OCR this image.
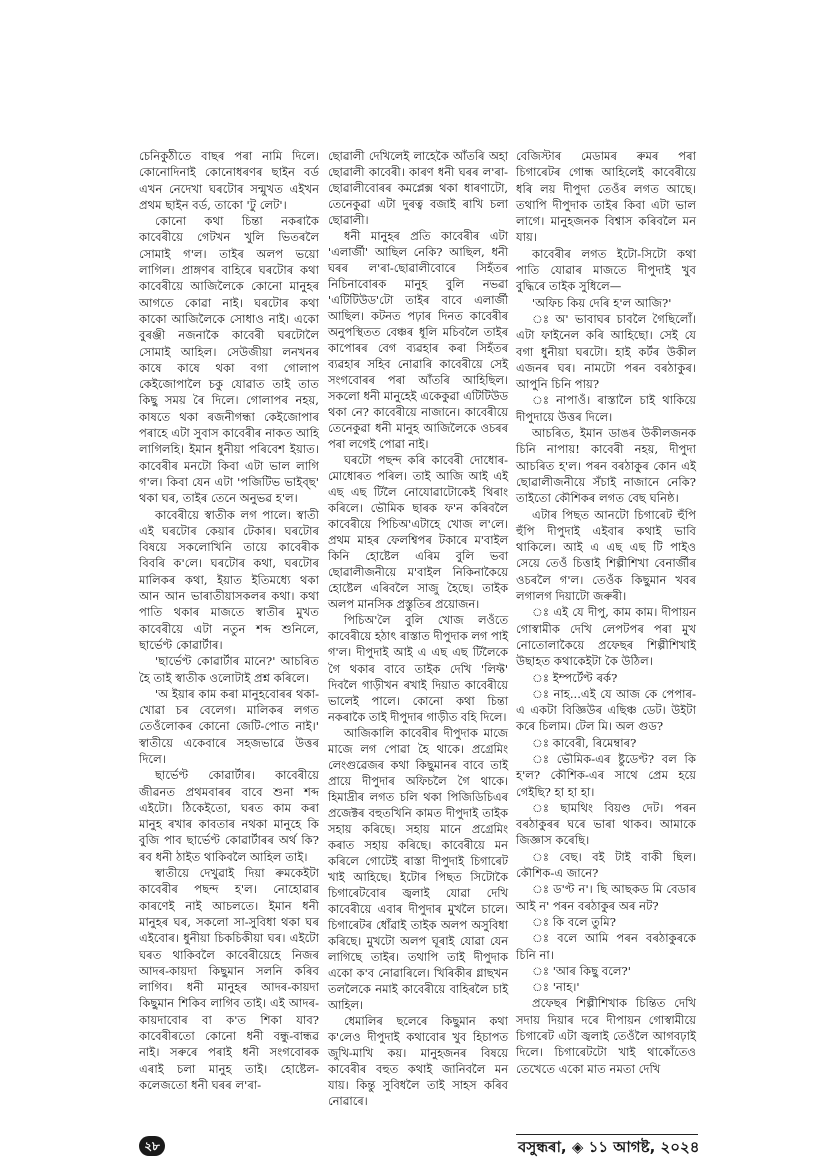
চেনিকুঠীতে বাছৰ পৰা নামি দিলে। কোনোদিনাই কোনোধৰণৰ ছাইন বৰ্ড এখন নেদেখা ঘৰটোৰ সন্মুখত এইখন প্ৰথম ছাইন বৰ্ড, তাকো 'টু লেট'।

কোনো কথা চিন্তা নকৰাকৈ কাবেৰীয়ে গেটখন খুলি ভিতৰলৈ সোমাই গ'ল। তাইৰ অলপ ভয়ো লাগিল। প্ৰাঙ্গণৰ বাহিৰে ঘৰটোৰ কথা কাবেৰীয়ে আজিলৈকে কোনো মানুহৰ আগতে কোৱা নাই। ঘৰটোৰ কথা কাকো আজিলৈকে সোধাও নাই। একো বুৰঞ্জী নজনাকৈ কাবেৰী ঘৰটোলৈ সোমাই আহিল। সেউজীয়া লনখনৰ কাষে কাষে থকা বগা গোলাপ কেইজোপালৈ চকু যোৱাত তাই তাত কিছু সময় ৰৈ দিলে। গোলাপৰ নহয়, কাষতে থকা ৰজনীগন্ধা কেইজোপাৰ পৰাহে এটা সুবাস কাবেৰীৰ নাকত আহি লাগিলহি। ইমান ধুনীয়া পৰিবেশ ইয়াত। কাবেৰীৰ মনটো কিবা এটা ভাল লাগি গ'ল। কিবা যেন এটা 'পজিটিভ ভাইব্ছ' থকা ঘৰ, তাইৰ তেনে অনুভৱ হ'ল।

কাবেৰীয়ে স্বাতীক লগ পালে। স্বাতী এই ঘৰটোৰ কেয়াৰ টেকাৰ। ঘৰটোৰ বিষয়ে সকলোখিনি তায়ে কাবেৰীক বিবৰি ক'লে। ঘৰটোৰ কথা, ঘৰটোৰ মালিকৰ কথা, ইয়াত ইতিমধ্যে থকা আন আন ভাৰাতীয়াসকলৰ কথা। কথা পাতি থকাৰ মাজতে স্বাতীৰ মুখত কাবেৰীয়ে এটা নতুন শব্দ শুনিলে, ছাৰ্ভেণ্ট কোৱাৰ্টাৰ।

'ছাৰ্ভেণ্ট কোৱাৰ্টাৰ মানে?' আচৰিত হৈ তাই স্বাতীক ওলোটাই প্ৰশ্ন কৰিলে।

'অ ইয়াৰ কাম কৰা মানুহবোৰৰ থকা-খোৱা চৰ বেলেগ। মালিকৰ লগত তেওঁলোকৰ কোনো জেটি-পোত নাই।' স্বাতীয়ে একেবাৰে সহজভাৱে উত্তৰ দিলে।

ছাৰ্ভেণ্ট কোৱাৰ্টাৰ। কাবেৰীয়ে জীৱনত প্ৰথমবাৰৰ বাবে শুনা শব্দ এইটো। ঠিকেইতো, ঘৰত কাম কৰা মানুহ ৰখাৰ কাবতাৰ নথকা মানুহে কি বুজি পাব ছাৰ্ভেণ্ট কোৱাৰ্টাৰৰ অৰ্থ কি? ৰব ধনী ঠাইত থাকিবলৈ আহিল তাই।

স্বাতীয়ে দেখুৱাই দিয়া ৰুমকেইটা কাবেৰীৰ পছন্দ হ'ল। নোহোৱাৰ কাৰণেই নাই আচলতে। ইমান ধনী মানুহৰ ঘৰ, সকলো সা-সুবিধা থকা ঘৰ এইবোৰ। ধুনীয়া চিকচিকীয়া ঘৰ। এইটো ঘৰত থাকিবলৈ কাবেৰীয়েহে নিজৰ আদৰ-কায়দা কিছুমান সলনি কৰিব লাগিব। ধনী মানুহৰ আদৰ-কায়দা কিছুমান শিকিব লাগিব তাই। এই আদৰ-কায়দাবোৰ বা ক'ত শিকা যাব? কাবেৰীৰতো কোনো ধনী বন্ধু-বান্ধৱ নাই। সৰুৰে পৰাই ধনী সংগবোৰক এৰাই চলা মানুহ তাই। হোষ্টেল-কলেজতো ধনী ঘৰৰ ল'ৰা-

ছোৱালী দেখিলেই লাহেকৈ আঁতৰি অহা ছোৱালী কাবেৰী। কাৰণ ধনী ঘৰৰ ল'ৰা-ছোৱালীবোৰৰ কমপ্লেক্স থকা ধাৰণাটো, তেনেকুৱা এটা দুৰত্ব বজাই ৰাখি চলা ছোৱালী।

ধনী মানুহৰ প্ৰতি কাবেৰীৰ এটা 'এলাৰ্জী' আছিল নেকি? আছিল, ধনী ঘৰৰ ল'ৰা-ছোৱালীবোৰে সিহঁতৰ নিচিনাবোৰক মানুহ বুলি নভৱা 'এটিটিউড'টো তাইৰ বাবে এলাৰ্জী আছিল। কটনত পঢ়াৰ দিনত কাবেৰীৰ অনুপস্থিতত বেঞ্চৰ ধূলি মচিবলৈ তাইৰ কাপোৰৰ বেগ ব্যৱহাৰ কৰা সিহঁতৰ ব্যৱহাৰ সহিব নোৱাৰি কাবেৰীয়ে সেই সংগবোৰৰ পৰা আঁতৰি আহিছিল। সকলো ধনী মানুহেই একেকুৱা এটিটিউড থকা নে? কাবেৰীয়ে নাজানে। কাবেৰীয়ে তেনেকুৱা ধনী মানুহ আজিলৈকে ওচৰৰ পৰা লগেই পোৱা নাই।

ঘৰটো পছন্দ কৰি কাবেৰী দোধোৰ-মোধোৰত পৰিল। তাই আজি আই এই এছ এছ টিলৈ নোযোৱাটোকেই থিৰাং কৰিলে। ভৌমিক ছাৰক ফ'ন কৰিবলৈ কাবেৰীয়ে পিচিঅ'এটাহে খোজ ল'লে। প্ৰথম মাহৰ ফেলশ্বিপৰ টকাৰে ম'বাইল কিনি হোষ্টেল এৰিম বুলি ভবা ছোৱালীজনীয়ে ম'বাইল নিকিনাকৈয়ে হোষ্টেল এৰিবলৈ সাজু হৈছে। তাইক অলপ মানসিক প্ৰস্তুতিৰ প্ৰয়োজন।

পিচিঅ'লৈ বুলি খোজ লওঁতে কাবেৰীয়ে হঠাৎ ৰাস্তাত দীপুদাক লগ পাই গ'ল। দীপুদাই আই এ এছ এছ টিলৈকে গৈ থকাৰ বাবে তাইক দেখি 'লিফ্ট' দিবলৈ গাড়ীখন ৰখাই দিয়াত কাবেৰীয়ে ভালেই পালে। কোনো কথা চিন্তা নকৰাকৈ তাই দীপুদাৰ গাড়ীত বহি দিলে।

আজিকালি কাবেৰীৰ দীপুদাক মাজে মাজে লগ পোৱা হৈ থাকে। প্ৰগ্ৰেমিং লেংগুৱেজৰ কথা কিছুমানৰ বাবে তাই প্ৰায়ে দীপুদাৰ অফিচলৈ গৈ থাকে। হিমাদ্ৰীৰ লগত চলি থকা পিজিডিচিএৰ প্ৰজেক্টৰ বহুতখিনি কামত দীপুদাই তাইক সহায় কৰিছে। সহায় মানে প্ৰগ্ৰেমিং কৰাত সহায় কৰিছে। কাবেৰীয়ে মন কৰিলে গোটেই ৰাস্তা দীপুদাই চিগাৰেট খাই আহিছে। ইটোৰ পিছত সিটোকৈ চিগাৰেটবোৰ জ্বলাই যোৱা দেখি কাবেৰীয়ে এবাৰ দীপুদাৰ মুখলৈ চালে। চিগাৰেটৰ ধোঁৱাই তাইক অলপ অসুবিধা কৰিছে। মুখটো অলপ ঘূৰাই যোৱা যেন লাগিছে তাইৰ। তথাপি তাই দীপুদাক একো ক'ব নোৱাৰিলে। খিৰিকীৰ গ্লাছখন তললৈকে নমাই কাবেৰীয়ে বাহিৰলৈ চাই আহিল।

ধেমালিৰ ছলেৰে কিছুমান কথা ক'লেও দীপুদাই কথাবোৰ খুব হিচাপত জুখি-মাখি কয়। মানুহজনৰ বিষয়ে কাবেৰীৰ বহুত কথাই জানিবলৈ মন যায়। কিন্তু সুবিধলৈ তাই সাহস কৰিব নোৱাৰে।

বেজিস্টাৰ মেডামৰ ৰুমৰ পৰা চিগাৰেটৰ গোন্ধ আহিলেই কাবেৰীয়ে ধৰি লয় দীপুদা তেওঁৰ লগত আছে। তথাপি দীপুদাক তাইৰ কিবা এটা ভাল লাগে। মানুহজনক বিশ্বাস কৰিবলৈ মন যায়।

কাবেৰীৰ লগত ইটো-সিটো কথা পাতি যোৱাৰ মাজতে দীপুদাই খুব বুদ্ধিৰে তাইক সুধিলে—

'অফিচ কিয় দেৰি হ'ল আজি?'

ঃ অ' ভাবাঘৰ চাবলৈ গৈছিলোঁ। এটা ফাইনেল কৰি আহিছো। সেই যে বগা ধুনীয়া ঘৰটো। হাই কৰ্টৰ উকীল এজনৰ ঘৰ। নামটো পৰন বৰঠাকুৰ। আপুনি চিনি পায়?

ঃ নাপাওঁ। ৰাস্তালৈ চাই থাকিয়ে দীপুদায়ে উত্তৰ দিলে।

আচৰিত, ইমান ডাঙৰ উকীলজনক চিনি নাপায়! কাবেৰী নহয়, দীপুদা আচৰিত হ'ল। পৰন বৰঠাকুৰ কোন এই ছোৱালীজনীয়ে সঁচাই নাজানে নেকি? তাইতো কৌশিকৰ লগত বেছ ঘনিষ্ঠ।

এটাৰ পিছত আনটো চিগাৰেট হুঁপি হুঁপি দীপুদাই এইবাৰ কথাই ভাবি থাকিলে। আই এ এছ এছ টি পাইও সেয়ে তেওঁ চিত্তাই শিল্পীশিখা বেনাৰ্জীৰ ওচৰলৈ গ'ল। তেওঁক কিছুমান খবৰ লগালগ দিয়াটো জৰুৰী।

ঃ এই যে দীপু, কাম কাম। দীপায়ন গোস্বামীক দেখি লেপটপৰ পৰা মুখ নোতোলাকৈয়ে প্ৰফেছৰ শিল্পীশিখাই উছাহত কথাকেইটা কৈ উঠিল।

ঃ ইম্পৰ্টেণ্ট ৰৰ্ক?

ঃ নাহ...এই যে আজ কে পেপাৰ-এ একটা বিজ্ঞিউৰ এছিঞ্চ ডেট। উইটা কৰে চিলাম। টেল মি। অল গুড?

ঃ কাবেৰী, ৰিমেম্বাৰ?

ঃ ভৌমিক-এৰ ষ্টুডেণ্ট? বল কি হ'ল? কৌশিক-এৰ সাথে প্ৰেম হয়ে গেইছি? হা হা হা।

ঃ ছামথিং বিয়ণ্ড দেট। পৰন বৰঠাকুৰৰ ঘৰে ভাৰা থাকব। আমাকে জিজ্ঞাস কৰেছি।

ঃ বেছ। বই টাই বাকী ছিল। কৌশিক-এ জানে?

ঃ ড'ণ্ট ন'। ছি আছকড মি বেডাৰ আই ন' পৰন বৰঠাকুৰ অৰ নট?

ঃ কি বলে তুমি?

ঃ বলে আমি পৰন বৰঠাকুৰকে চিনি না।

ঃ 'আৰ কিছু বলে?'

ঃ 'নাহ।'

প্ৰফেছৰ শিল্পীশিখাক চিন্তিত দেখি সদায় দিয়াৰ দৰে দীপায়ন গোস্বামীয়ে চিগাৰেট এটা জ্বলাই তেওঁলৈ আগবঢ়াই দিলে। চিগাৰেটটো খাই থাকোঁতেও তেখেতে একো মাত নমতা দেখি

২৮	বসুন্ধৰা, ◈ ১১ আগষ্ট, ২০২৪
